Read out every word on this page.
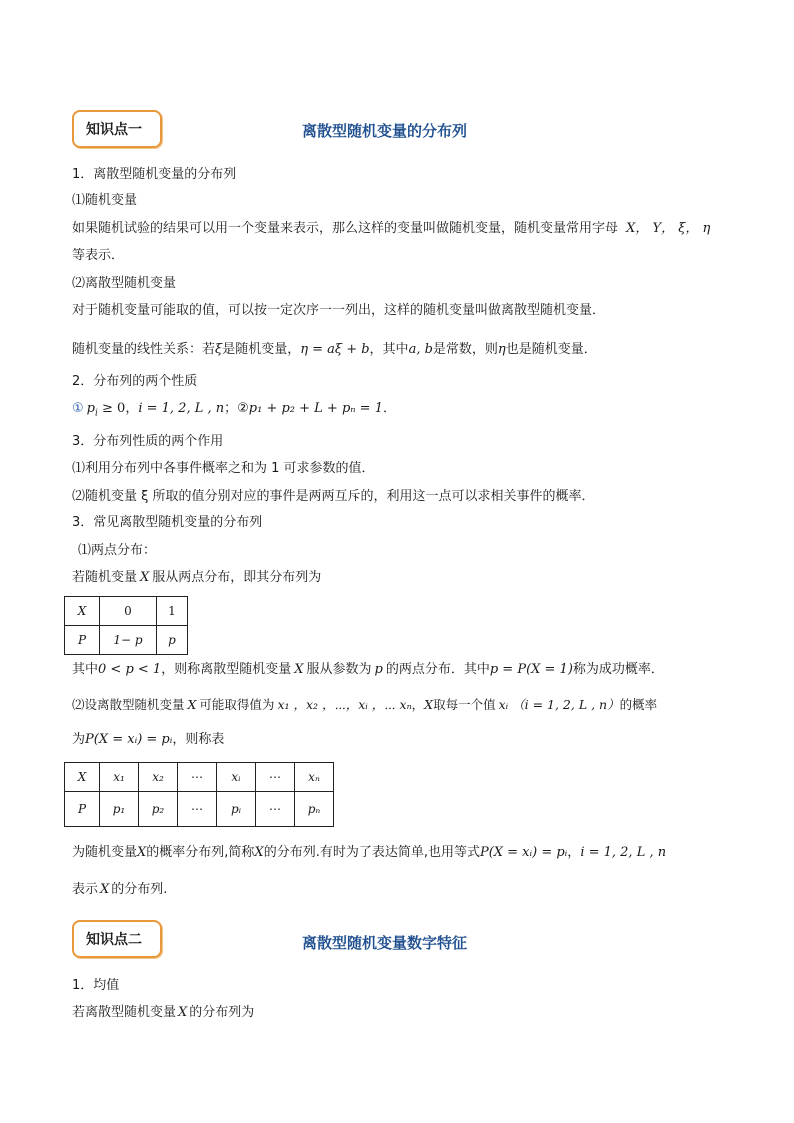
知识点一	离散型随机变量的分布列
1．离散型随机变量的分布列
⑴随机变量
如果随机试验的结果可以用一个变量来表示，那么这样的变量叫做随机变量，随机变量常用字母 X， Y， ξ， η
等表示．
⑵离散型随机变量
对于随机变量可能取的值，可以按一定次序一一列出，这样的随机变量叫做离散型随机变量．
随机变量的线性关系：若ξ是随机变量，η = aξ + b，其中a, b是常数，则η也是随机变量．
2．分布列的两个性质
① $p_i \ge 0$，i = 1, 2, L , n；②p₁ + p₂ + L + pₙ = 1．
3．分布列性质的两个作用
⑴利用分布列中各事件概率之和为 1 可求参数的值．
⑵随机变量 ξ 所取的值分别对应的事件是两两互斥的，利用这一点可以求相关事件的概率．
3．常见离散型随机变量的分布列
⑴两点分布：
若随机变量 X 服从两点分布，即其分布列为
X	0	1
P	1− p	p
其中0 < p < 1，则称离散型随机变量 X 服从参数为 p 的两点分布．其中p = P(X = 1)称为成功概率．
⑵设离散型随机变量 X 可能取得值为 x₁ ，x₂ ，⋯，xᵢ ，⋯ xₙ，X取每一个值 xᵢ （i = 1, 2, L , n）的概率
为P(X = xᵢ) = pᵢ，则称表
X	x₁	x₂	⋯	xᵢ	⋯	xₙ
P	p₁	p₂	⋯	pᵢ	⋯	pₙ
为随机变量X的概率分布列,简称X的分布列.有时为了表达简单,也用等式P(X = xᵢ) = pᵢ，i = 1, 2, L , n
表示 X 的分布列.
知识点二	离散型随机变量数字特征
1．均值
若离散型随机变量 X 的分布列为
